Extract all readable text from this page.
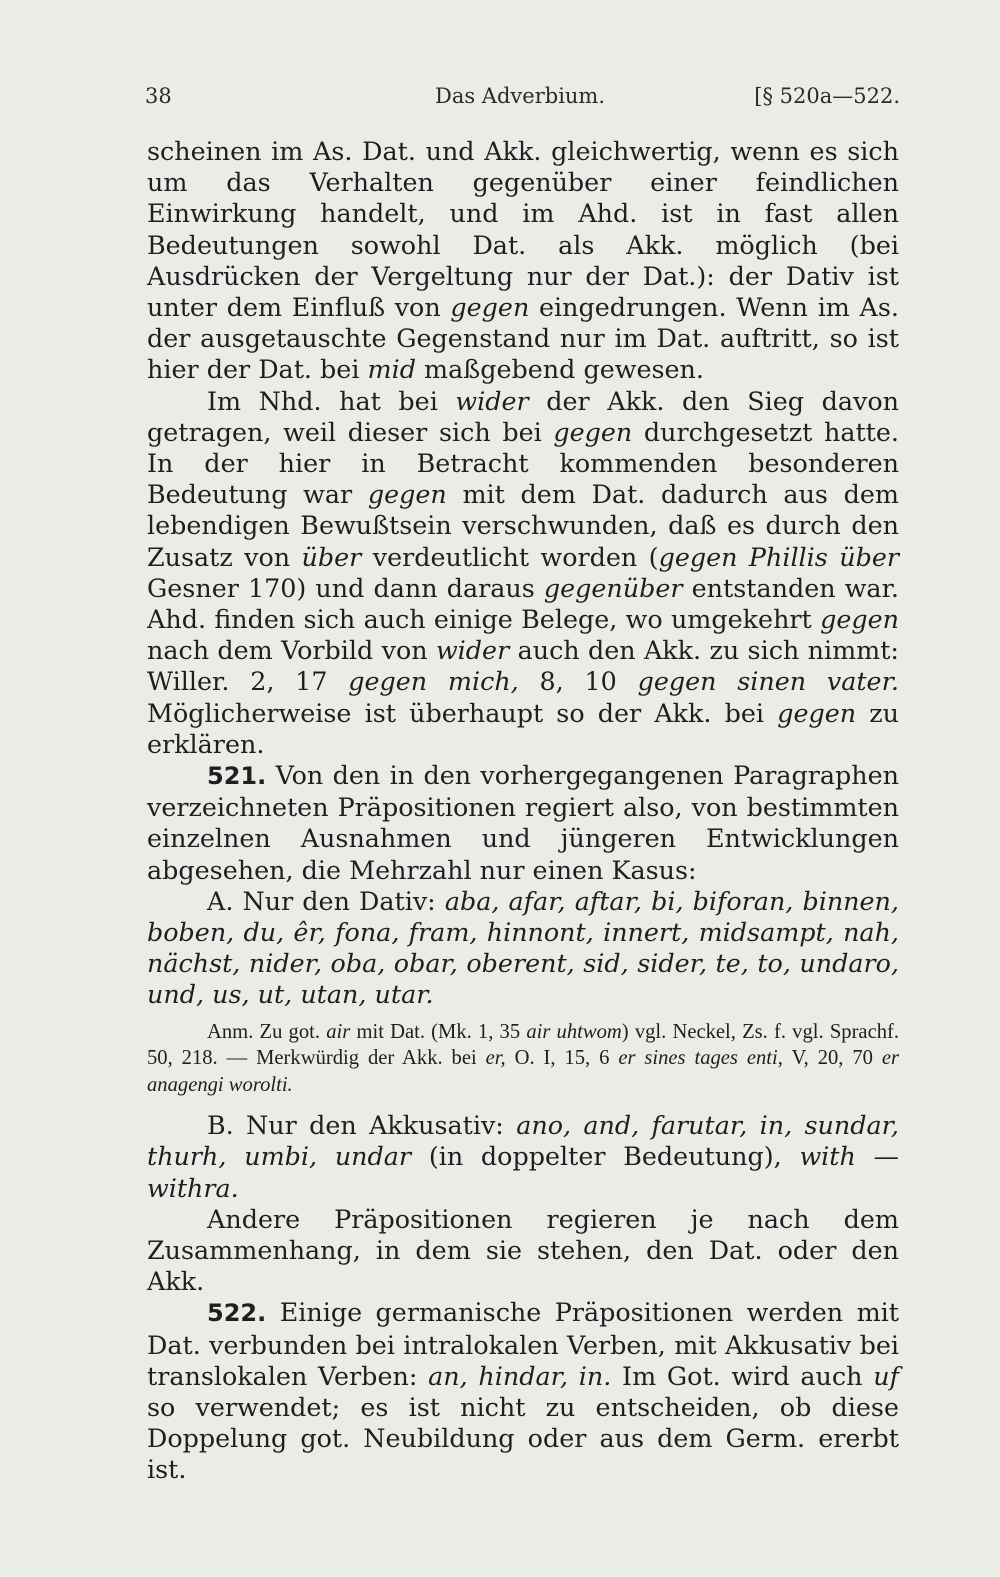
38	Das Adverbium.	[§ 520a—522.

scheinen im As. Dat. und Akk. gleichwertig, wenn es sich um das Verhalten gegenüber einer feindlichen Einwirkung handelt, und im Ahd. ist in fast allen Bedeutungen sowohl Dat. als Akk. möglich (bei Ausdrücken der Vergeltung nur der Dat.): der Dativ ist unter dem Einfluß von gegen eingedrungen. Wenn im As. der ausgetauschte Gegenstand nur im Dat. auftritt, so ist hier der Dat. bei mid maßgebend gewesen.

Im Nhd. hat bei wider der Akk. den Sieg davon getragen, weil dieser sich bei gegen durchgesetzt hatte. In der hier in Betracht kommenden besonderen Bedeutung war gegen mit dem Dat. dadurch aus dem lebendigen Bewußtsein verschwunden, daß es durch den Zusatz von über verdeutlicht worden (gegen Phillis über Gesner 170) und dann daraus gegenüber entstanden war. Ahd. finden sich auch einige Belege, wo umgekehrt gegen nach dem Vorbild von wider auch den Akk. zu sich nimmt: Willer. 2, 17 gegen mich, 8, 10 gegen sinen vater. Möglicherweise ist überhaupt so der Akk. bei gegen zu erklären.

521. Von den in den vorhergegangenen Paragraphen verzeichneten Präpositionen regiert also, von bestimmten einzelnen Ausnahmen und jüngeren Entwicklungen abgesehen, die Mehrzahl nur einen Kasus:

A. Nur den Dativ: aba, afar, aftar, bi, biforan, binnen, boben, du, êr, fona, fram, hinnont, innert, midsampt, nah, nächst, nider, oba, obar, oberent, sid, sider, te, to, undaro, und, us, ut, utan, utar.

Anm. Zu got. air mit Dat. (Mk. 1, 35 air uhtwom) vgl. Neckel, Zs. f. vgl. Sprachf. 50, 218. — Merkwürdig der Akk. bei er, O. I, 15, 6 er sines tages enti, V, 20, 70 er anagengi worolti.

B. Nur den Akkusativ: ano, and, farutar, in, sundar, thurh, umbi, undar (in doppelter Bedeutung), with — withra.

Andere Präpositionen regieren je nach dem Zusammenhang, in dem sie stehen, den Dat. oder den Akk.

522. Einige germanische Präpositionen werden mit Dat. verbunden bei intralokalen Verben, mit Akkusativ bei translokalen Verben: an, hindar, in. Im Got. wird auch uf so verwendet; es ist nicht zu entscheiden, ob diese Doppelung got. Neubildung oder aus dem Germ. ererbt ist.
